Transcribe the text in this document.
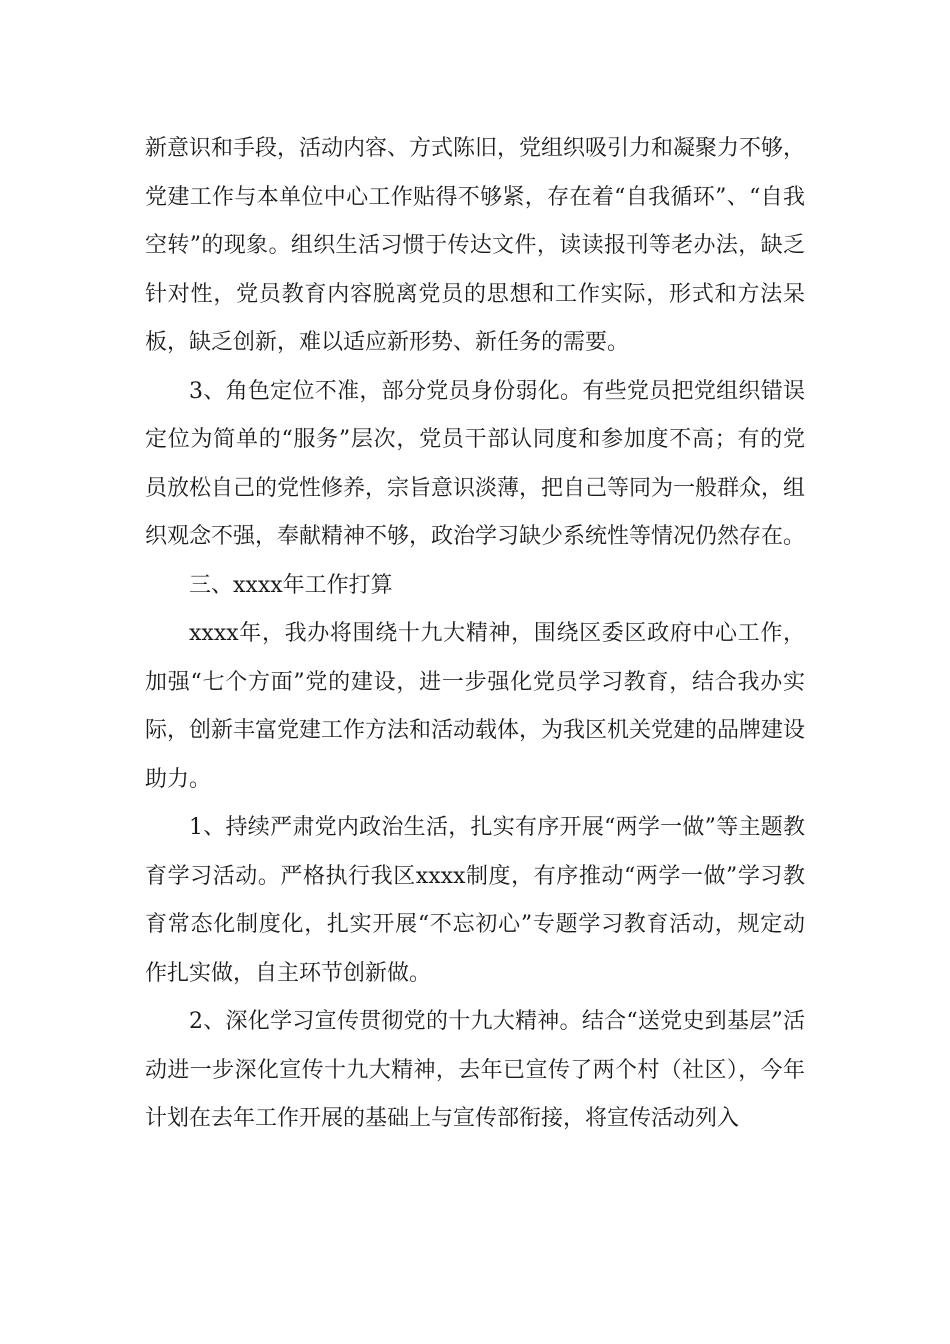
新意识和手段，活动内容、方式陈旧，党组织吸引力和凝聚力不够，党建工作与本单位中心工作贴得不够紧，存在着“自我循环”、“自我空转”的现象。组织生活习惯于传达文件，读读报刊等老办法，缺乏针对性，党员教育内容脱离党员的思想和工作实际，形式和方法呆板，缺乏创新，难以适应新形势、新任务的需要。

3、角色定位不准，部分党员身份弱化。有些党员把党组织错误定位为简单的“服务”层次，党员干部认同度和参加度不高；有的党员放松自己的党性修养，宗旨意识淡薄，把自己等同为一般群众，组织观念不强，奉献精神不够，政治学习缺少系统性等情况仍然存在。

三、xxxx年工作打算

xxxx年，我办将围绕十九大精神，围绕区委区政府中心工作，加强“七个方面”党的建设，进一步强化党员学习教育，结合我办实际，创新丰富党建工作方法和活动载体，为我区机关党建的品牌建设助力。

1、持续严肃党内政治生活，扎实有序开展“两学一做”等主题教育学习活动。严格执行我区xxxx制度，有序推动“两学一做”学习教育常态化制度化，扎实开展“不忘初心”专题学习教育活动，规定动作扎实做，自主环节创新做。

2、深化学习宣传贯彻党的十九大精神。结合“送党史到基层”活动进一步深化宣传十九大精神，去年已宣传了两个村（社区），今年计划在去年工作开展的基础上与宣传部衔接，将宣传活动列入
